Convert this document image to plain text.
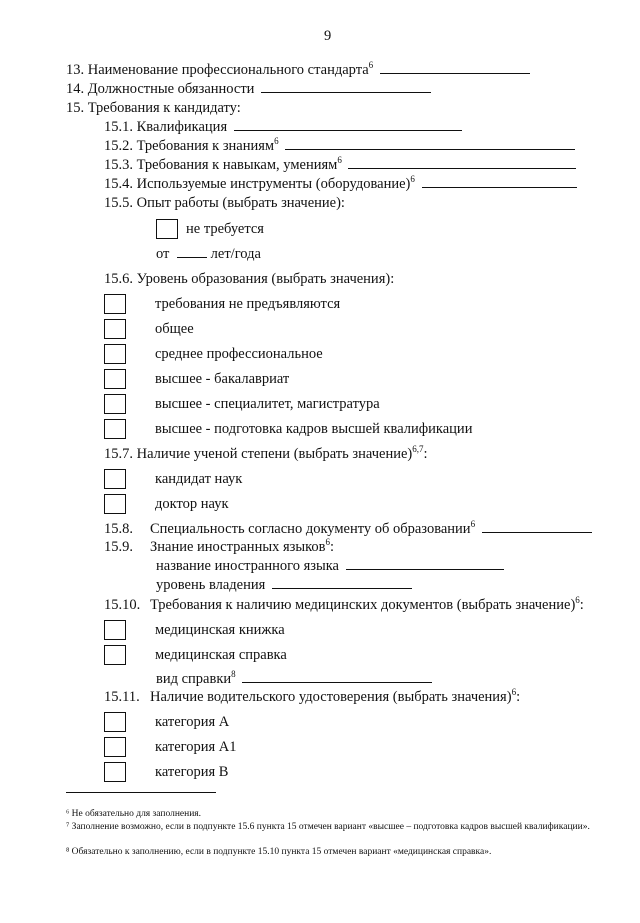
9
13. Наименование профессионального стандарта$^6$
14. Должностные обязанности
15. Требования к кандидату:
15.1. Квалификация
15.2. Требования к знаниям$^6$
15.3. Требования к навыкам, умениям$^6$
15.4. Используемые инструменты (оборудование)$^6$
15.5. Опыт работы (выбрать значение):
не требуется
от	лет/года
15.6. Уровень образования (выбрать значения):
требования не предъявляются
общее
среднее профессиональное
высшее - бакалавриат
высшее - специалитет, магистратура
высшее - подготовка кадров высшей квалификации
15.7. Наличие ученой степени (выбрать значение)$^{6,7}$:
кандидат наук
доктор наук
15.8. Специальность согласно документу об образовании$^6$
15.9. Знание иностранных языков$^6$:
название иностранного языка
уровень владения
15.10. Требования к наличию медицинских документов (выбрать значение)$^6$:
медицинская книжка
медицинская справка
вид справки$^8$
15.11. Наличие водительского удостоверения (выбрать значения)$^6$:
категория А
категория А1
категория В
⁶ Не обязательно для заполнения.
⁷ Заполнение возможно, если в подпункте 15.6 пункта 15 отмечен вариант «высшее – подготовка кадров высшей квалификации».
⁸ Обязательно к заполнению, если в подпункте 15.10 пункта 15 отмечен вариант «медицинская справка».
